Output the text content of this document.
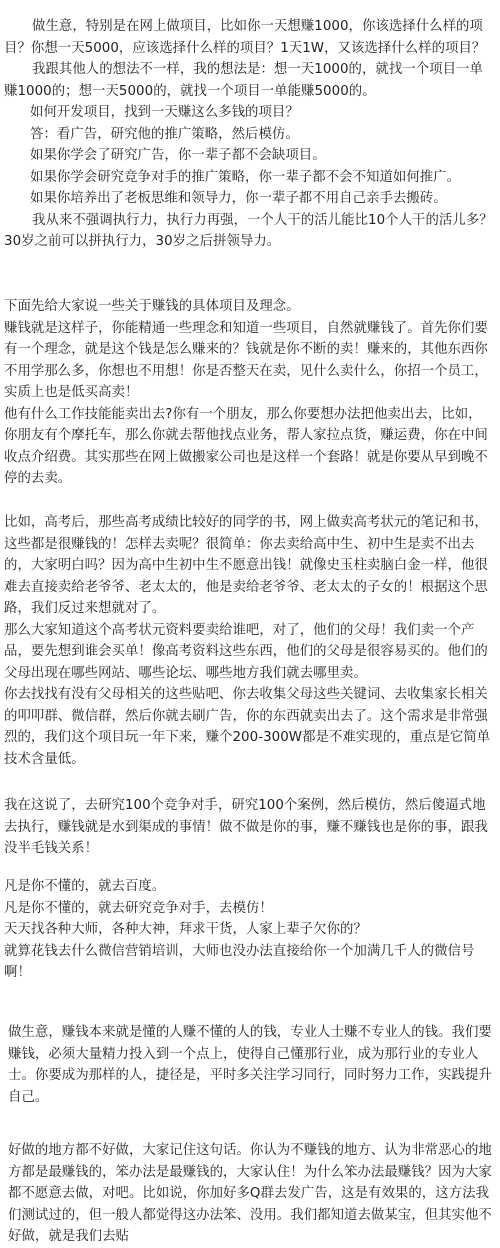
做生意，特别是在网上做项目，比如你一天想赚1000，你该选择什么样的项目？你想一天5000，应该选择什么样的项目？1天1W，又该选择什么样的项目？

我跟其他人的想法不一样，我的想法是：想一天1000的，就找一个项目一单赚1000的；想一天5000的，就找一个项目一单能赚5000的。

如何开发项目，找到一天赚这么多钱的项目？

答：看广告，研究他的推广策略，然后模仿。

如果你学会了研究广告，你一辈子都不会缺项目。

如果你学会研究竞争对手的推广策略，你一辈子都不会不知道如何推广。

如果你培养出了老板思维和领导力，你一辈子都不用自己亲手去搬砖。

我从来不强调执行力，执行力再强，一个人干的活儿能比10个人干的活儿多？30岁之前可以拼执行力，30岁之后拼领导力。

下面先给大家说一些关于赚钱的具体项目及理念。

赚钱就是这样子，你能精通一些理念和知道一些项目，自然就赚钱了。首先你们要有一个理念，就是这个钱是怎么赚来的？钱就是你不断的卖！赚来的，其他东西你不用学那么多，你想也不用想！你是否整天在卖，见什么卖什么，你招一个员工，实质上也是低买高卖！

他有什么工作技能能卖出去?你有一个朋友，那么你要想办法把他卖出去，比如，你朋友有个摩托车，那么你就去帮他找点业务，帮人家拉点货，赚运费，你在中间收点介绍费。其实那些在网上做搬家公司也是这样一个套路！就是你要从早到晚不停的去卖。

比如，高考后，那些高考成绩比较好的同学的书，网上做卖高考状元的笔记和书，这些都是很赚钱的！怎样去卖呢？很简单：你去卖给高中生、初中生是卖不出去的，大家明白吗？因为高中生初中生不愿意出钱！就像史玉柱卖脑白金一样，他很难去直接卖给老爷爷、老太太的，他是卖给老爷爷、老太太的子女的！根据这个思路，我们反过来想就对了。

那么大家知道这个高考状元资料要卖给谁吧，对了，他们的父母！我们卖一个产品，要先想到谁会买单！像高考资料这些东西，他们的父母是很容易买的。他们的父母出现在哪些网站、哪些论坛、哪些地方我们就去哪里卖。

你去找找有没有父母相关的这些贴吧、你去收集父母这些关键词、去收集家长相关的叩叩群、微信群，然后你就去刷广告，你的东西就卖出去了。这个需求是非常强烈的，我们这个项目玩一年下来，赚个200-300W都是不难实现的，重点是它简单技术含量低。

我在这说了，去研究100个竞争对手，研究100个案例，然后模仿，然后傻逼式地去执行，赚钱就是水到渠成的事情！做不做是你的事，赚不赚钱也是你的事，跟我没半毛钱关系！

凡是你不懂的，就去百度。

凡是你不懂的，就去研究竞争对手，去模仿！

天天找各种大师，各种大神，拜求干货，人家上辈子欠你的？

就算花钱去什么微信营销培训，大师也没办法直接给你一个加满几千人的微信号啊！

做生意，赚钱本来就是懂的人赚不懂的人的钱，专业人士赚不专业人的钱。我们要赚钱，必须大量精力投入到一个点上，使得自己懂那行业，成为那行业的专业人士。你要成为那样的人，捷径是，平时多关注学习同行，同时努力工作，实践提升自己。

好做的地方都不好做，大家记住这句话。你认为不赚钱的地方、认为非常恶心的地方都是最赚钱的，笨办法是最赚钱的，大家认住！为什么笨办法最赚钱？因为大家都不愿意去做，对吧。比如说，你加好多Q群去发广告，这是有效果的，这方法我们测试过的，但一般人都觉得这办法笨、没用。我们都知道去做某宝，但其实他不好做，就是我们去贴
